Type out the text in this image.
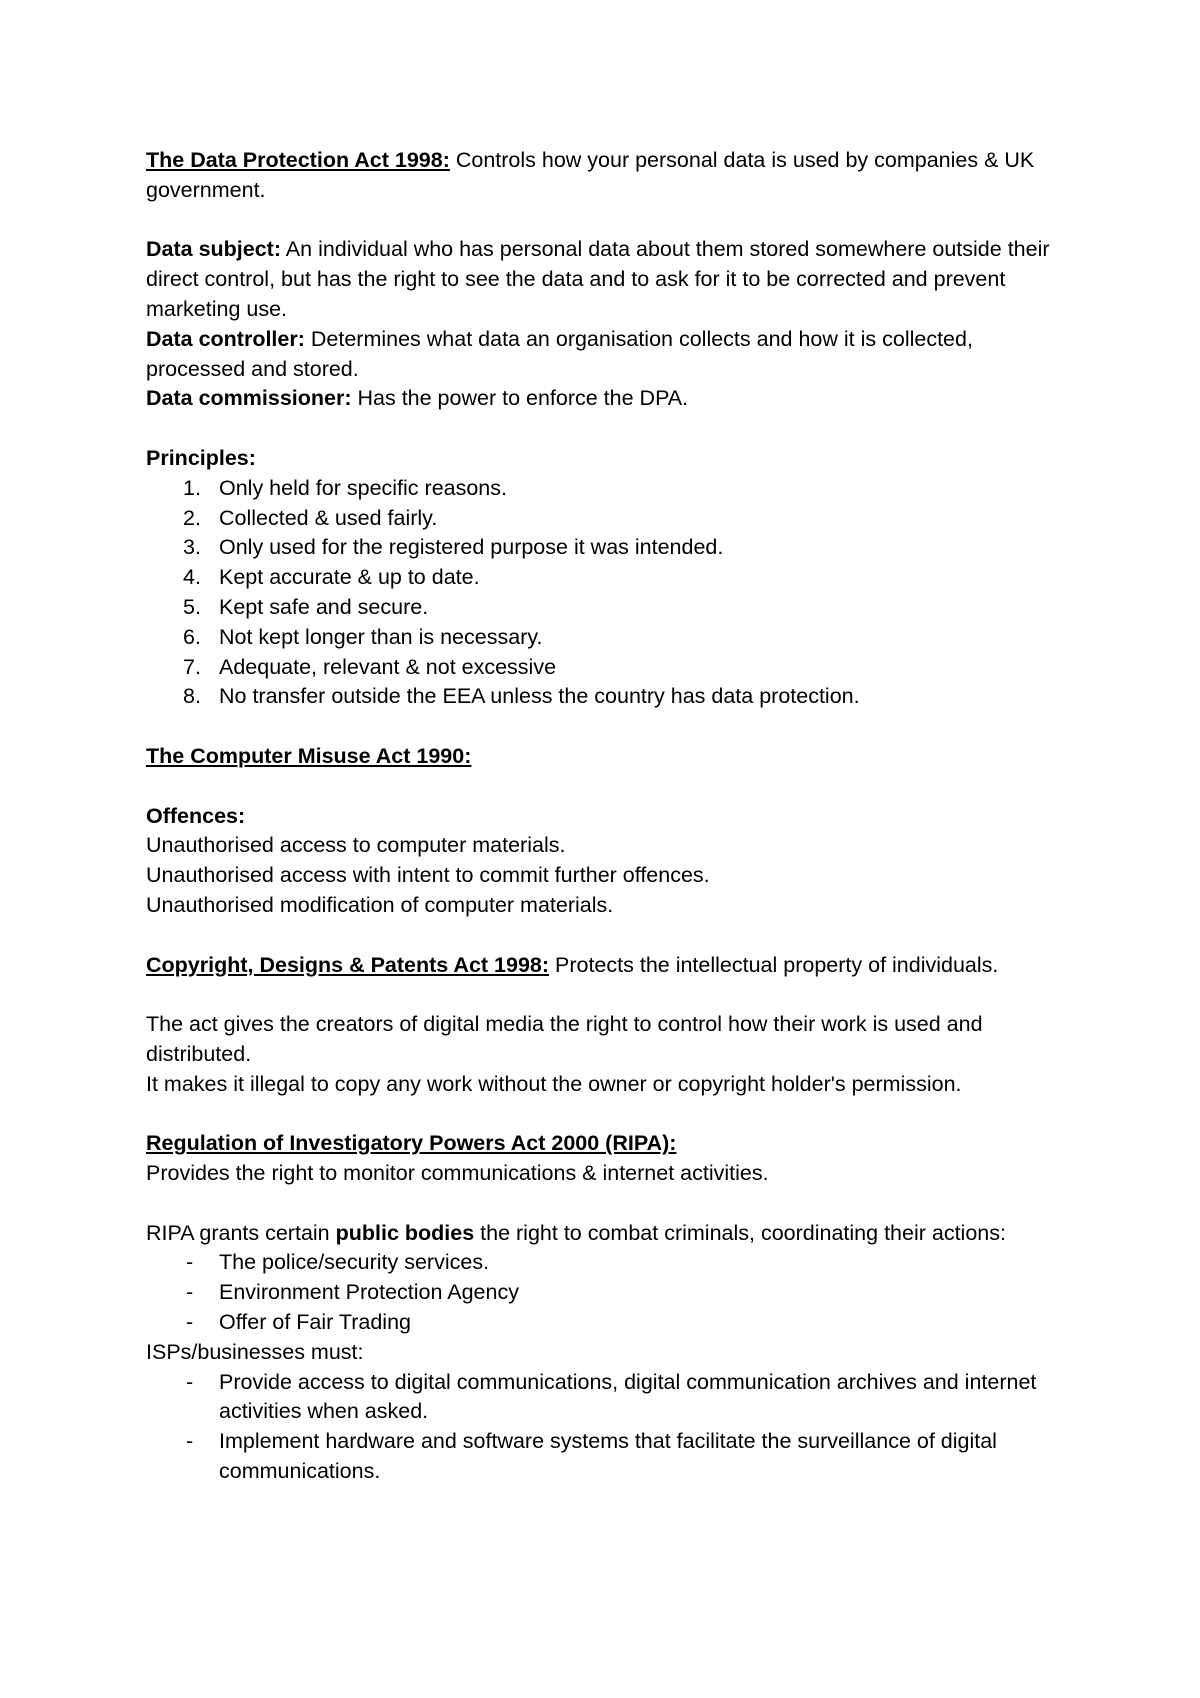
The Data Protection Act 1998: Controls how your personal data is used by companies & UK government.

Data subject: An individual who has personal data about them stored somewhere outside their direct control, but has the right to see the data and to ask for it to be corrected and prevent marketing use.

Data controller: Determines what data an organisation collects and how it is collected, processed and stored.

Data commissioner: Has the power to enforce the DPA.

Principles:

1. Only held for specific reasons.
2. Collected & used fairly.
3. Only used for the registered purpose it was intended.
4. Kept accurate & up to date.
5. Kept safe and secure.
6. Not kept longer than is necessary.
7. Adequate, relevant & not excessive
8. No transfer outside the EEA unless the country has data protection.

The Computer Misuse Act 1990:

Offences:

Unauthorised access to computer materials.

Unauthorised access with intent to commit further offences.

Unauthorised modification of computer materials.

Copyright, Designs & Patents Act 1998: Protects the intellectual property of individuals.

The act gives the creators of digital media the right to control how their work is used and distributed.

It makes it illegal to copy any work without the owner or copyright holder's permission.

Regulation of Investigatory Powers Act 2000 (RIPA):

Provides the right to monitor communications & internet activities.

RIPA grants certain public bodies the right to combat criminals, coordinating their actions:

-	The police/security services.
-	Environment Protection Agency
-	Offer of Fair Trading

ISPs/businesses must:

-	Provide access to digital communications, digital communication archives and internet activities when asked.
-	Implement hardware and software systems that facilitate the surveillance of digital communications.
